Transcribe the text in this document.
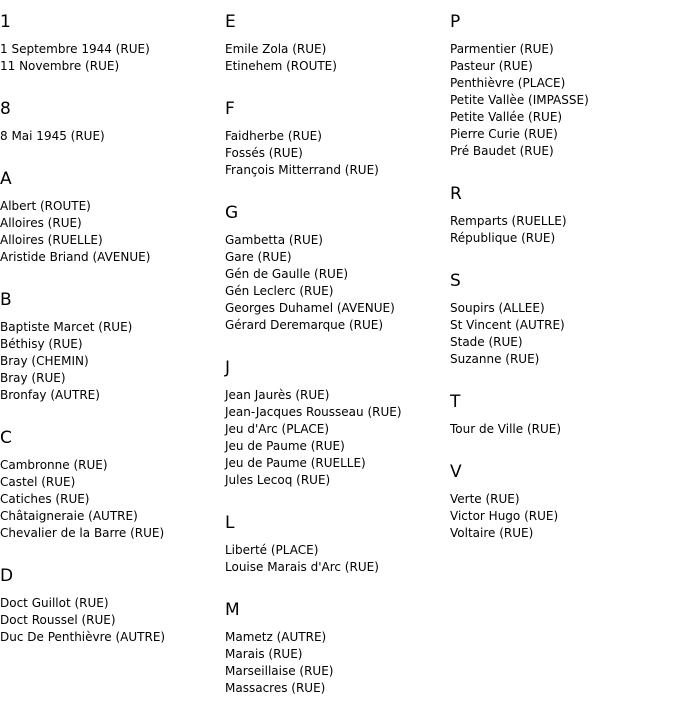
1
1 Septembre 1944 (RUE)
11 Novembre (RUE)
8
8 Mai 1945 (RUE)
A
Albert (ROUTE)
Alloires (RUE)
Alloires (RUELLE)
Aristide Briand (AVENUE)
B
Baptiste Marcet (RUE)
Béthisy (RUE)
Bray (CHEMIN)
Bray (RUE)
Bronfay (AUTRE)
C
Cambronne (RUE)
Castel (RUE)
Catiches (RUE)
Châtaigneraie (AUTRE)
Chevalier de la Barre (RUE)
D
Doct Guillot (RUE)
Doct Roussel (RUE)
Duc De Penthièvre (AUTRE)
E
Emile Zola (RUE)
Etinehem (ROUTE)
F
Faidherbe (RUE)
Fossés (RUE)
François Mitterrand (RUE)
G
Gambetta (RUE)
Gare (RUE)
Gén de Gaulle (RUE)
Gén Leclerc (RUE)
Georges Duhamel (AVENUE)
Gérard Deremarque (RUE)
J
Jean Jaurès (RUE)
Jean-Jacques Rousseau (RUE)
Jeu d'Arc (PLACE)
Jeu de Paume (RUE)
Jeu de Paume (RUELLE)
Jules Lecoq (RUE)
L
Liberté (PLACE)
Louise Marais d'Arc (RUE)
M
Mametz (AUTRE)
Marais (RUE)
Marseillaise (RUE)
Massacres (RUE)
P
Parmentier (RUE)
Pasteur (RUE)
Penthièvre (PLACE)
Petite Vallèe (IMPASSE)
Petite Vallée (RUE)
Pierre Curie (RUE)
Pré Baudet (RUE)
R
Remparts (RUELLE)
République (RUE)
S
Soupirs (ALLEE)
St Vincent (AUTRE)
Stade (RUE)
Suzanne (RUE)
T
Tour de Ville (RUE)
V
Verte (RUE)
Victor Hugo (RUE)
Voltaire (RUE)
